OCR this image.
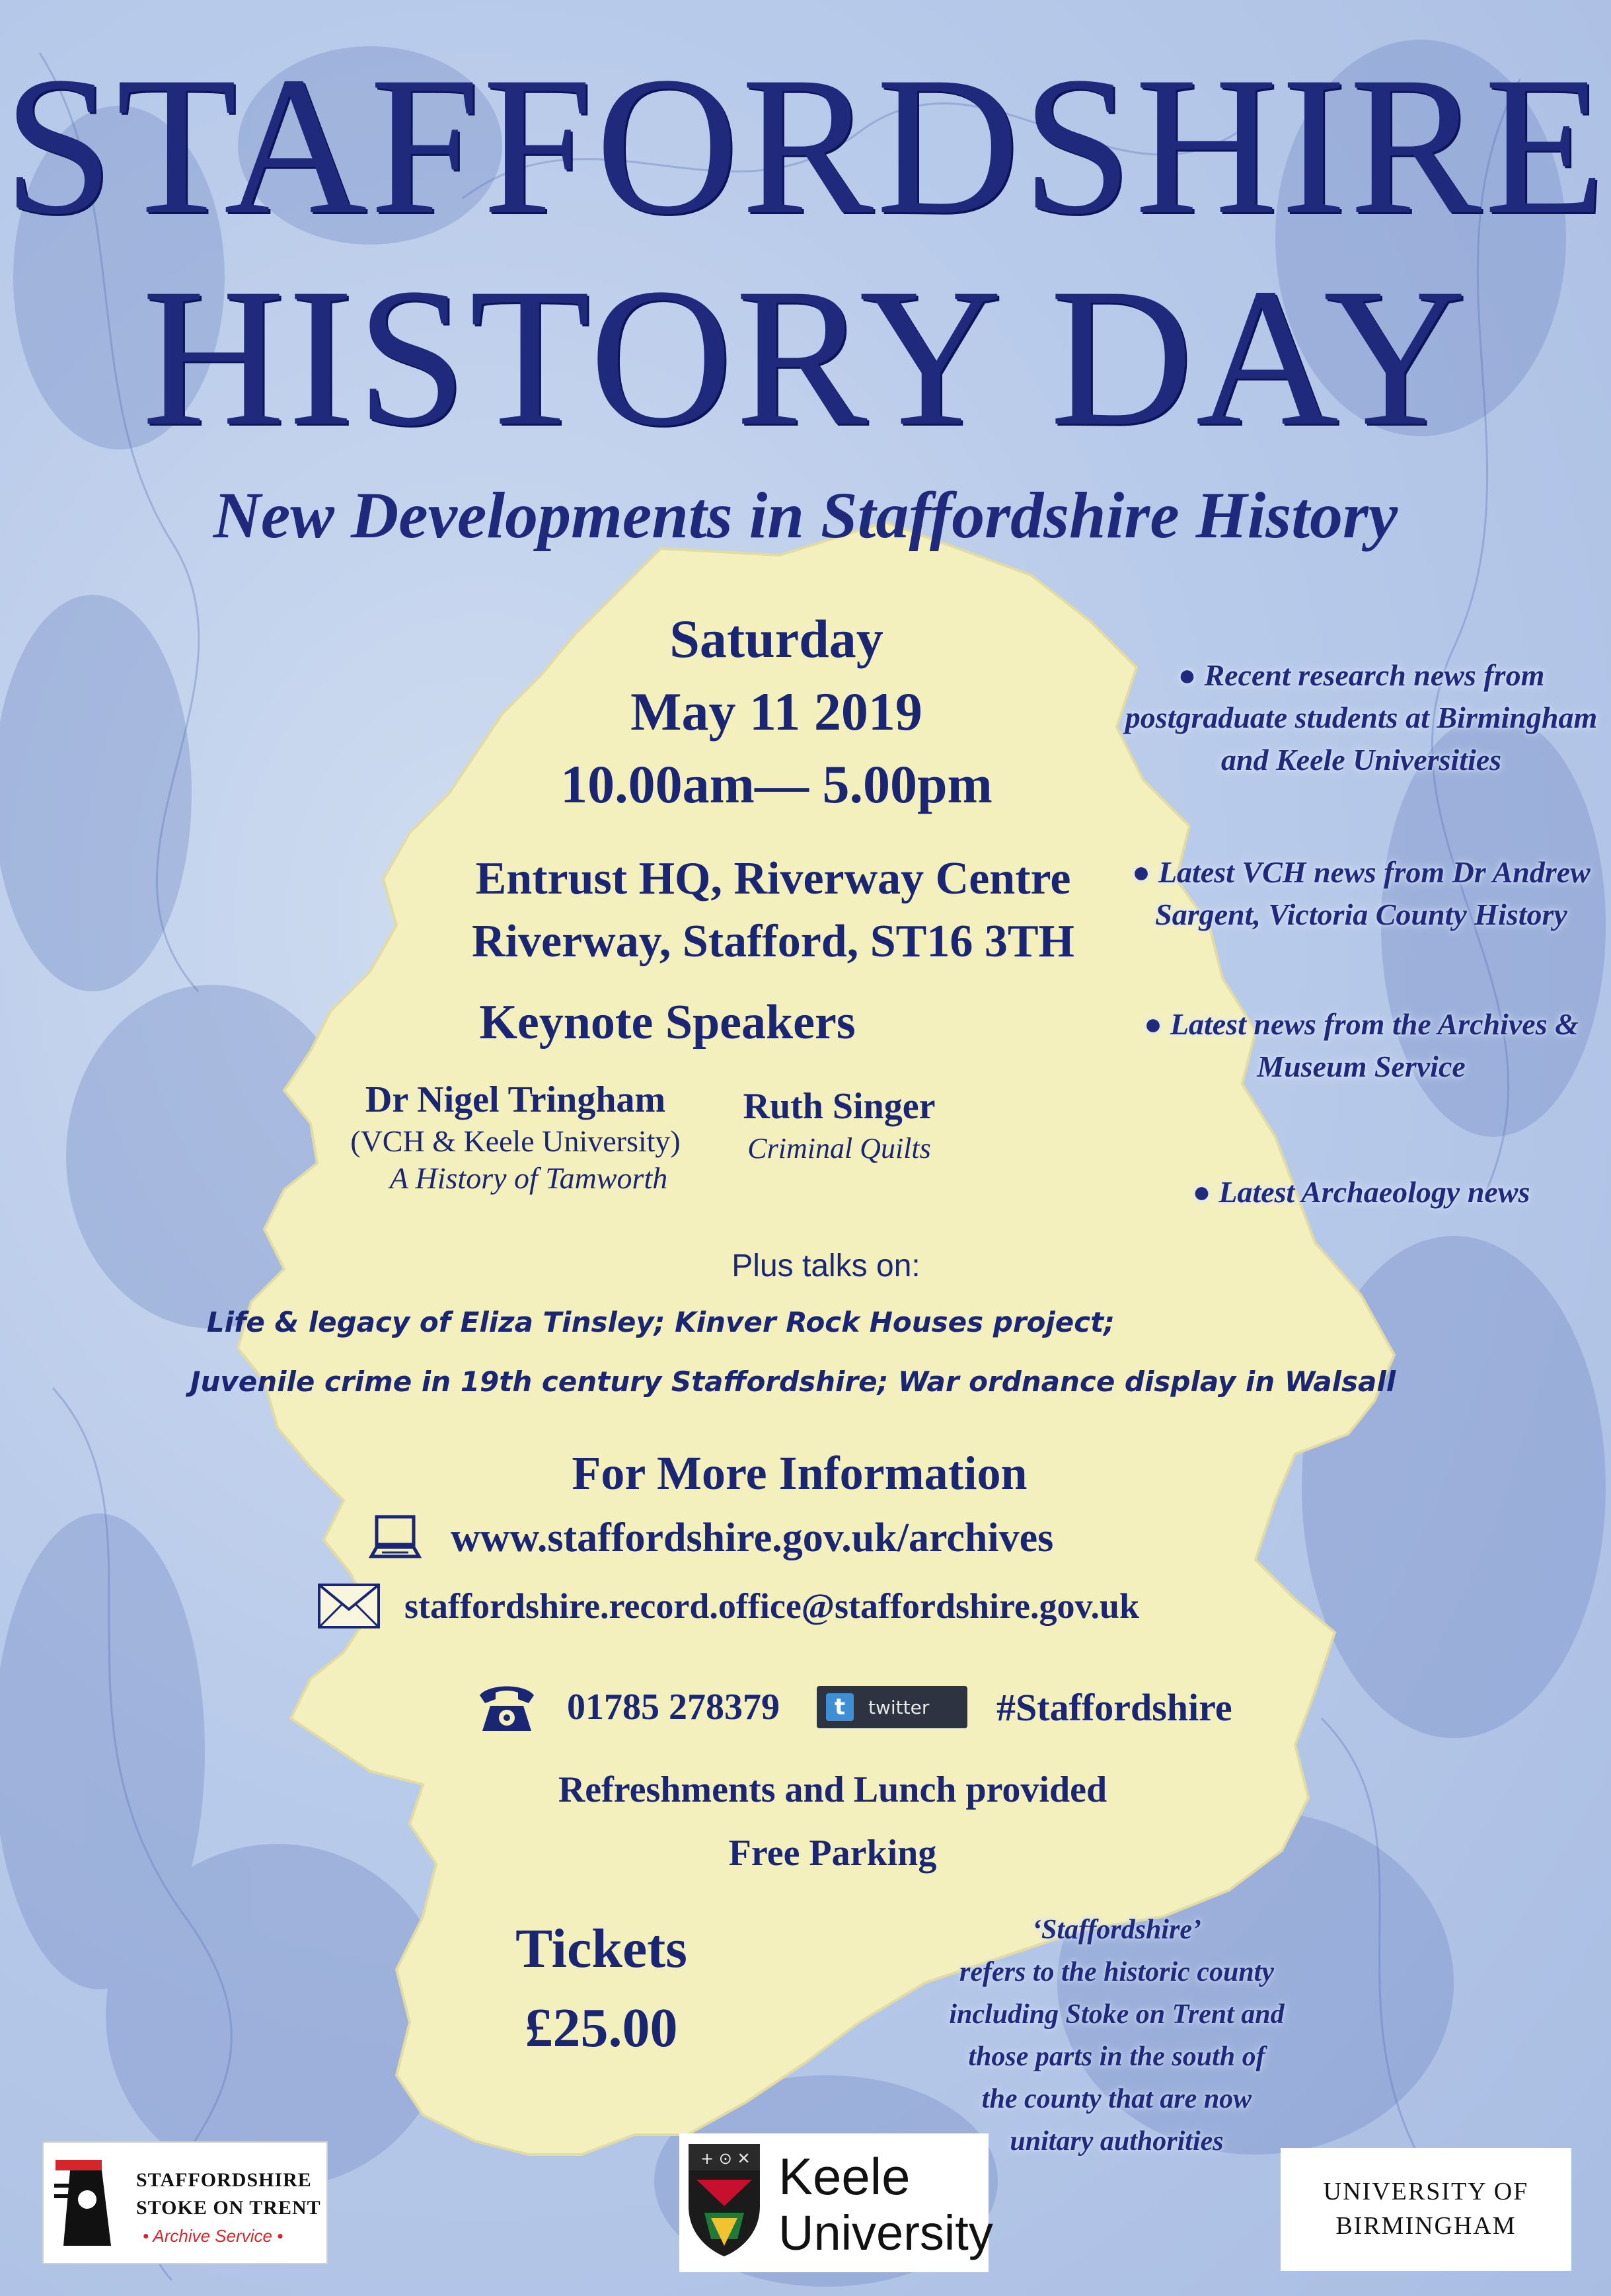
STAFFORDSHIRE
HISTORY DAY
New Developments in Staffordshire History
Saturday
May 11 2019
10.00am— 5.00pm
Entrust HQ, Riverway Centre
Riverway, Stafford, ST16 3TH
Keynote Speakers
Dr Nigel Tringham
(VCH & Keele University)
A History of Tamworth
Ruth Singer
Criminal Quilts
Plus talks on:
Life & legacy of Eliza Tinsley; Kinver Rock Houses project;
Juvenile crime in 19th century Staffordshire; War ordnance display in Walsall
For More Information
www.staffordshire.gov.uk/archives
staffordshire.record.office@staffordshire.gov.uk
01785 278379	t	twitter #Staffordshire
Refreshments and Lunch provided
Free Parking
Tickets
£25.00
● Recent research news from postgraduate students at Birmingham and Keele Universities
● Latest VCH news from Dr Andrew Sargent, Victoria County History
● Latest news from the Archives & Museum Service
● Latest Archaeology news
‘Staffordshire’
refers to the historic county
including Stoke on Trent and
those parts in the south of
the county that are now
unitary authorities
STAFFORDSHIRE
STOKE ON TRENT
• Archive Service •
+ ⊙ ✕ Keele
University
UNIVERSITY OF
BIRMINGHAM
